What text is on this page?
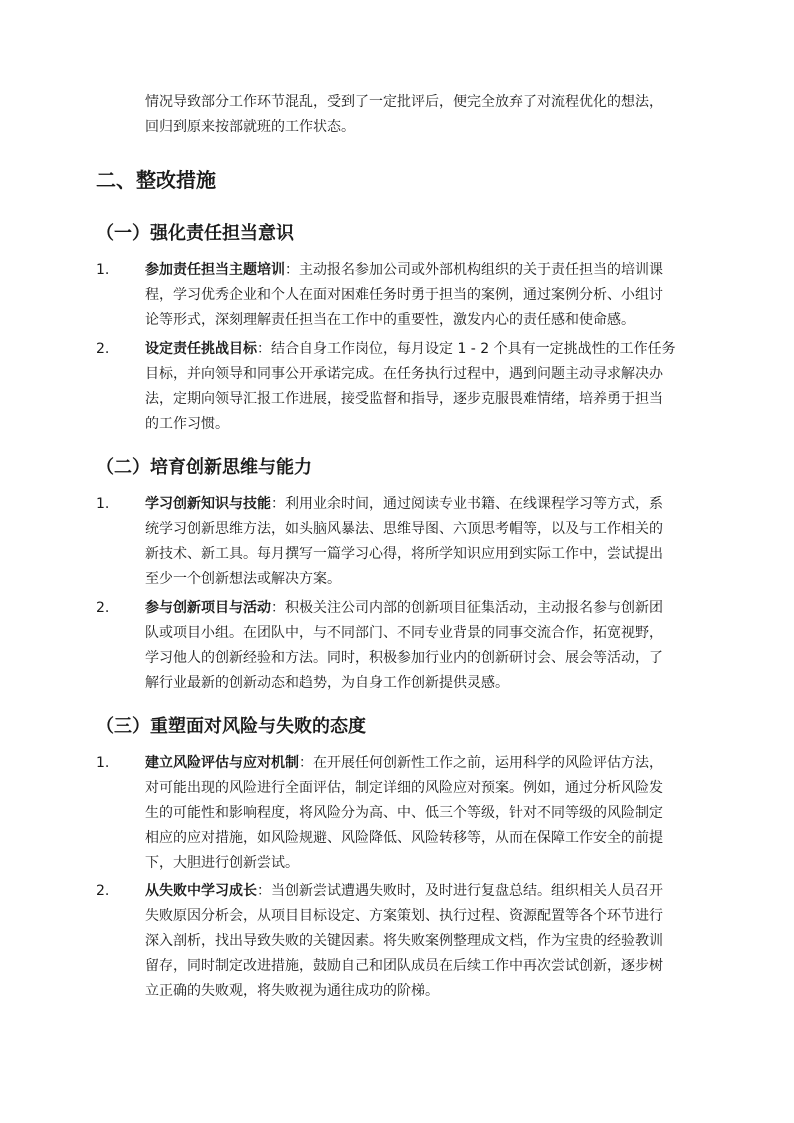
情况导致部分工作环节混乱，受到了一定批评后，便完全放弃了对流程优化的想法，

回归到原来按部就班的工作状态。

二、整改措施
（一）强化责任担当意识
1.	参加责任担当主题培训：主动报名参加公司或外部机构组织的关于责任担当的培训课

程，学习优秀企业和个人在面对困难任务时勇于担当的案例，通过案例分析、小组讨

论等形式，深刻理解责任担当在工作中的重要性，激发内心的责任感和使命感。

2.	设定责任挑战目标：结合自身工作岗位，每月设定 1 - 2 个具有一定挑战性的工作任务

目标，并向领导和同事公开承诺完成。在任务执行过程中，遇到问题主动寻求解决办

法，定期向领导汇报工作进展，接受监督和指导，逐步克服畏难情绪，培养勇于担当

的工作习惯。

（二）培育创新思维与能力
1.	学习创新知识与技能：利用业余时间，通过阅读专业书籍、在线课程学习等方式，系

统学习创新思维方法，如头脑风暴法、思维导图、六顶思考帽等，以及与工作相关的

新技术、新工具。每月撰写一篇学习心得，将所学知识应用到实际工作中，尝试提出

至少一个创新想法或解决方案。

2.	参与创新项目与活动：积极关注公司内部的创新项目征集活动，主动报名参与创新团

队或项目小组。在团队中，与不同部门、不同专业背景的同事交流合作，拓宽视野，

学习他人的创新经验和方法。同时，积极参加行业内的创新研讨会、展会等活动，了

解行业最新的创新动态和趋势，为自身工作创新提供灵感。

（三）重塑面对风险与失败的态度
1.	建立风险评估与应对机制：在开展任何创新性工作之前，运用科学的风险评估方法，

对可能出现的风险进行全面评估，制定详细的风险应对预案。例如，通过分析风险发

生的可能性和影响程度，将风险分为高、中、低三个等级，针对不同等级的风险制定

相应的应对措施，如风险规避、风险降低、风险转移等，从而在保障工作安全的前提

下，大胆进行创新尝试。

2.	从失败中学习成长：当创新尝试遭遇失败时，及时进行复盘总结。组织相关人员召开

失败原因分析会，从项目目标设定、方案策划、执行过程、资源配置等各个环节进行

深入剖析，找出导致失败的关键因素。将失败案例整理成文档，作为宝贵的经验教训

留存，同时制定改进措施，鼓励自己和团队成员在后续工作中再次尝试创新，逐步树

立正确的失败观，将失败视为通往成功的阶梯。
